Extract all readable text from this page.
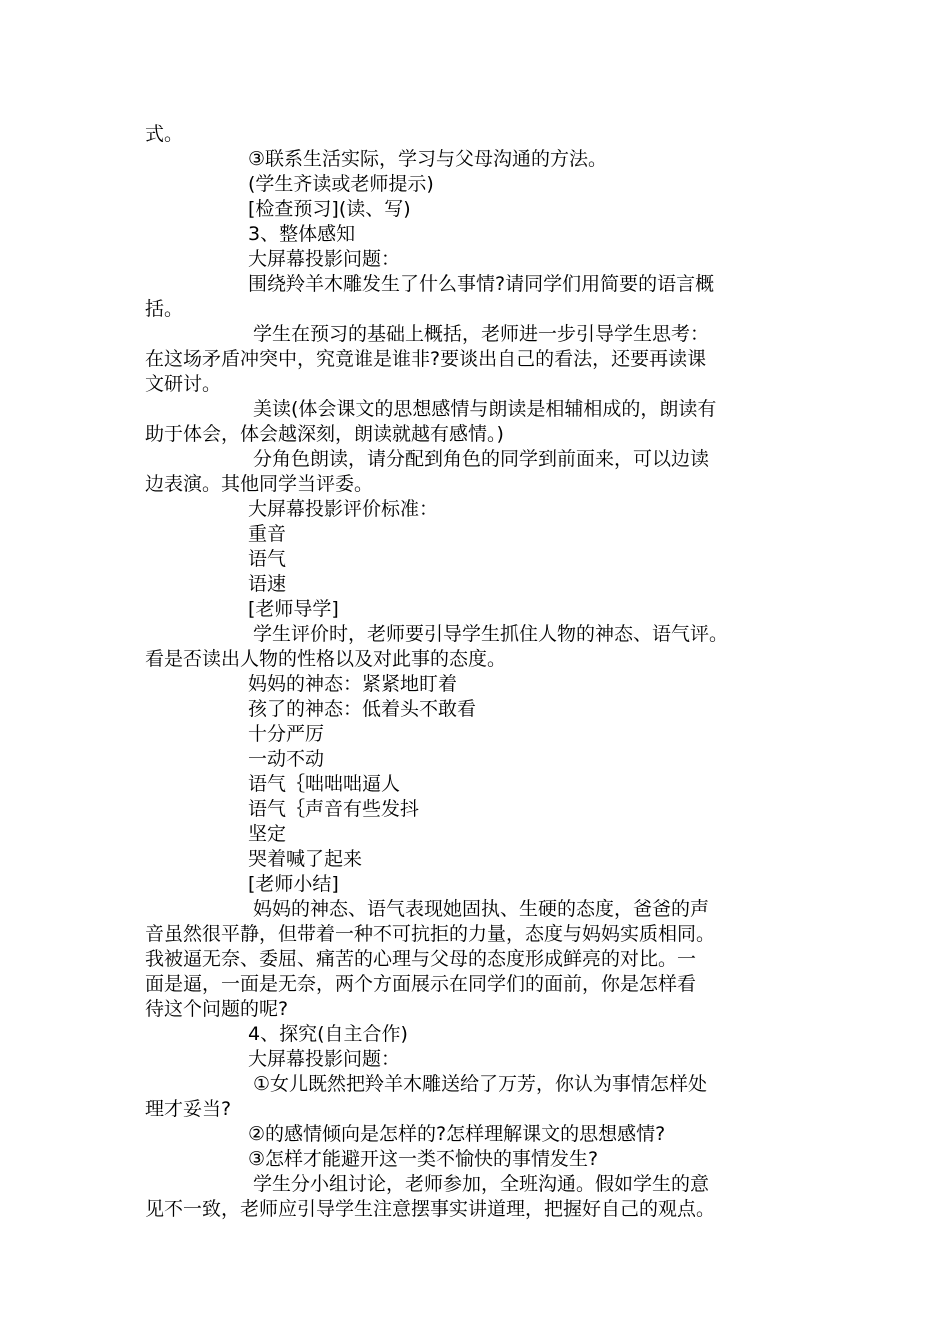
式。
③联系生活实际，学习与父母沟通的方法。
(学生齐读或老师提示)
[检查预习](读、写)
3、整体感知
大屏幕投影问题：
围绕羚羊木雕发生了什么事情?请同学们用简要的语言概
括。
学生在预习的基础上概括，老师进一步引导学生思考：
在这场矛盾冲突中，究竟谁是谁非?要谈出自己的看法，还要再读课
文研讨。
美读(体会课文的思想感情与朗读是相辅相成的，朗读有
助于体会，体会越深刻，朗读就越有感情。)
分角色朗读，请分配到角色的同学到前面来，可以边读
边表演。其他同学当评委。
大屏幕投影评价标准：
重音
语气
语速
[老师导学]
学生评价时，老师要引导学生抓住人物的神态、语气评。
看是否读出人物的性格以及对此事的态度。
妈妈的神态：紧紧地盯着
孩了的神态：低着头不敢看
十分严厉
一动不动
语气｛咄咄咄逼人
语气｛声音有些发抖
坚定
哭着喊了起来
[老师小结]
妈妈的神态、语气表现她固执、生硬的态度，爸爸的声
音虽然很平静，但带着一种不可抗拒的力量，态度与妈妈实质相同。
我被逼无奈、委屈、痛苦的心理与父母的态度形成鲜亮的对比。一
面是逼，一面是无奈，两个方面展示在同学们的面前，你是怎样看
待这个问题的呢?
4、探究(自主合作)
大屏幕投影问题：
①女儿既然把羚羊木雕送给了万芳，你认为事情怎样处
理才妥当?
②的感情倾向是怎样的?怎样理解课文的思想感情?
③怎样才能避开这一类不愉快的事情发生?
学生分小组讨论，老师参加，全班沟通。假如学生的意
见不一致，老师应引导学生注意摆事实讲道理，把握好自己的观点。
